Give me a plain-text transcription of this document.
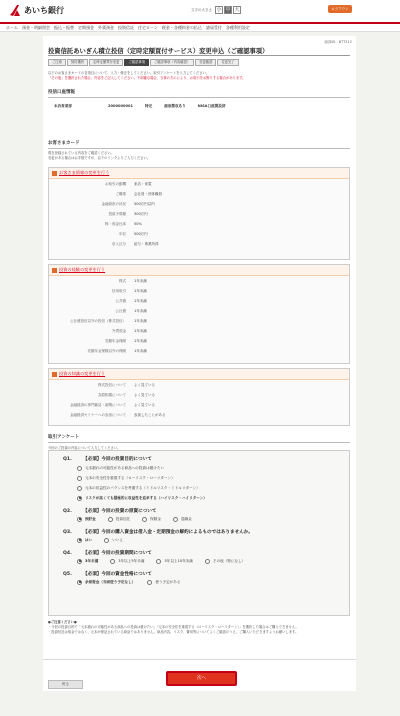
あいち銀行	文字の大きさ 小 中 大	ログアウト
ホーム 預金・明細照会 振込・振替 定期預金 外貨預金 投資信託 住宅ローン 税金・各種料金の払込 諸届受付 各種利用設定
画面ID：BTT312
投資信託あいぎん積立投信（定時定額買付サービス）変更申込（ご確認事項）
ご注意	契約選択	定時定額買付変更	ご確認事項	ご確認事項（内容確認）	変更確認	変更完了
以下のお客さまカードの各項目について、入力・修正をしてください。取引アンケートを入力してください。
「その他」を選択された場合、内容をご記入してください。不明確な場合、当事の方のにより、お取引をお断りする場合があります。
投信口座情報
本店営業部	2000000001	特定	源泉徴収あり	NISA口座開設済
お客さまカード
現在登録されている内容をご確認ください。
変更がある場合はお手数ですが、以下のリンクよりご入力ください。
お客さま情報の変更を行う
お取引の動機	来店・来電
ご職業	会社員・団体職員
金融資産の状況	500万円以内
投資予算額	300万円
株・預金比率	50%
年収	500万円
収入区分	給与・事業所得
投資の経験の変更を行う
株式	1年未満
信用取引	1年未満
公共債	1年未満
公社債	1年未満
公社債投信以外の投信（株式投信）	1年未満
外貨預金	1年未満
変額年金保険	1年未満
変額年金保険以外の保険	1年未満
投資の知識の変更を行う
株式投信について	よく見ている
為替相場について	よく見ている
金融経済の専門雑誌・新聞について	よく見ている
金融経済セミナーへの参加について	参加したことがある
取引アンケート
今回のご投資の内容について入力してください。
Q1.	【必須】今回の投資目的について
元本割れの可能性がある商品への投資は避けたい
元本の安全性を重視する（ローリスク・ローリターン）
元本の収益性のバランスを考慮する（ミドルリスク・ミドルリターン）
リスクが高くても積極的に収益性を追求する（ハイリスク・ハイリターン）
Q2.	【必須】今回の投資の原資について
預貯金	投資信託	保険金	退職金
Q3.	【必須】今回の購入資金は借入金・定期預金の解約によるものではありませんか。
はい	いいえ
Q4.	【必須】今回の投資期間について
3年未満	3年以上5年未満	5年以上10年未満	その他（特になし）
Q5.	【必須】今回の資金性格について
余裕資金（当面使う予定なし）	使う予定がある
●ご注意ください●
・今回の投資目的で「元本割れの可能性がある商品への投資は避けたい」「元本の安全性を重視する（ローリスク・ローリターン）」を選択した場合はご購入できません。
・投資信託は預金ではなく、元本が保証されている商品ではありません。商品内容、リスク、費用等についてよくご確認のうえ、ご購入いただきますようお願いします。
戻る
次へ
